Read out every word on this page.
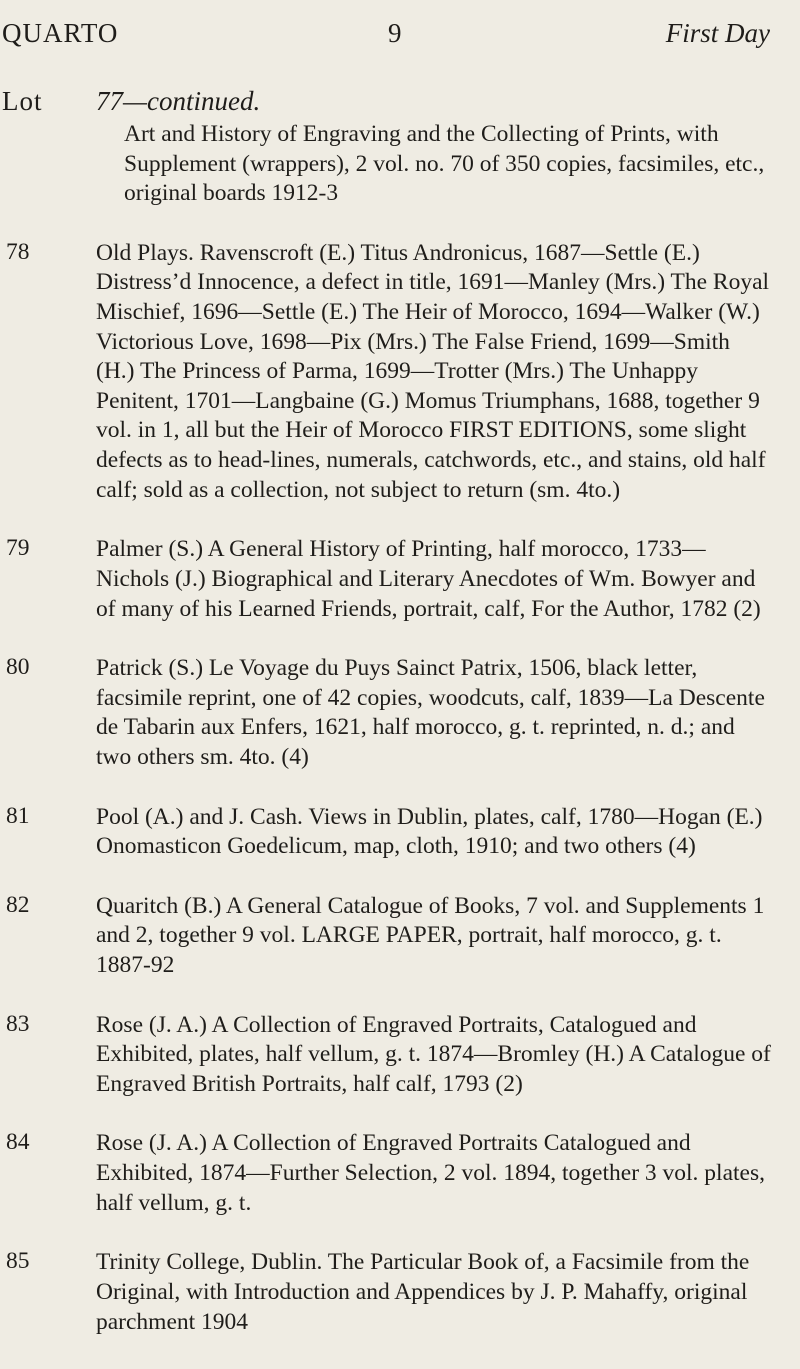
QUARTO	9	First Day
Lot 77—continued.
Art and History of Engraving and the Collecting of Prints, with Supplement (wrappers), 2 vol. no. 70 of 350 copies, facsimiles, etc., original boards 1912-3
78	Old Plays. Ravenscroft (E.) Titus Andronicus, 1687—Settle (E.) Distress’d Innocence, a defect in title, 1691—Manley (Mrs.) The Royal Mischief, 1696—Settle (E.) The Heir of Morocco, 1694—Walker (W.) Victorious Love, 1698—Pix (Mrs.) The False Friend, 1699—Smith (H.) The Princess of Parma, 1699—Trotter (Mrs.) The Unhappy Penitent, 1701—Langbaine (G.) Momus Triumphans, 1688, together 9 vol. in 1, all but the Heir of Morocco FIRST EDITIONS, some slight defects as to head-lines, numerals, catchwords, etc., and stains, old half calf; sold as a collection, not subject to return (sm. 4to.)
79	Palmer (S.) A General History of Printing, half morocco, 1733—Nichols (J.) Biographical and Literary Anecdotes of Wm. Bowyer and of many of his Learned Friends, portrait, calf, For the Author, 1782 (2)
80	Patrick (S.) Le Voyage du Puys Sainct Patrix, 1506, black letter, facsimile reprint, one of 42 copies, woodcuts, calf, 1839—La Descente de Tabarin aux Enfers, 1621, half morocco, g. t. reprinted, n. d.; and two others sm. 4to. (4)
81	Pool (A.) and J. Cash. Views in Dublin, plates, calf, 1780—Hogan (E.) Onomasticon Goedelicum, map, cloth, 1910; and two others (4)
82	Quaritch (B.) A General Catalogue of Books, 7 vol. and Supplements 1 and 2, together 9 vol. LARGE PAPER, portrait, half morocco, g. t. 1887-92
83	Rose (J. A.) A Collection of Engraved Portraits, Catalogued and Exhibited, plates, half vellum, g. t. 1874—Bromley (H.) A Catalogue of Engraved British Portraits, half calf, 1793 (2)
84	Rose (J. A.) A Collection of Engraved Portraits Catalogued and Exhibited, 1874—Further Selection, 2 vol. 1894, together 3 vol. plates, half vellum, g. t.
85	Trinity College, Dublin. The Particular Book of, a Facsimile from the Original, with Introduction and Appendices by J. P. Mahaffy, original parchment 1904
